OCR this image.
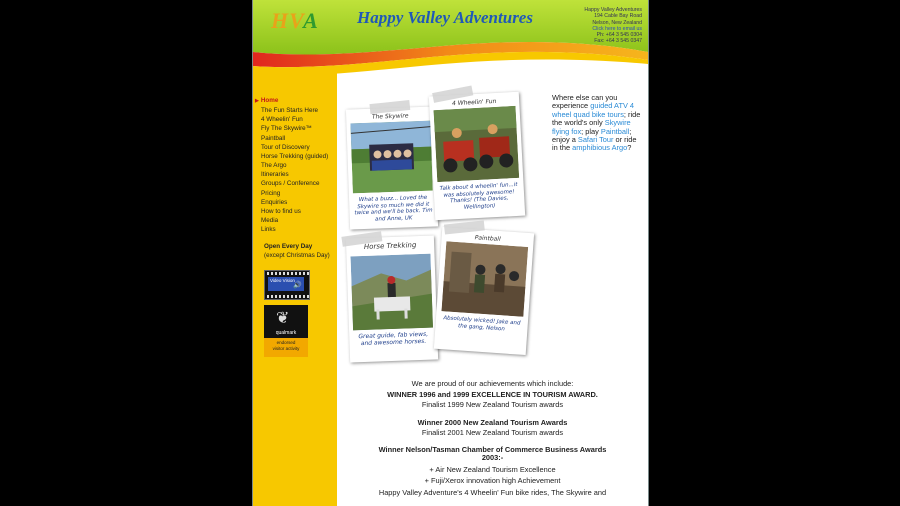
HVA Happy Valley Adventures	Happy Valley Adventures
194 Cable Bay Road
Nelson, New Zealand
Click here to email us
Ph: +64 3 545 0304
Fax: +64 3 545 0347
▶ Home
The Fun Starts Here
4 Wheelin' Fun
Fly The Skywire™
Paintball
Tour of Discovery
Horse Trekking (guided)
The Argo
Itineraries
Groups / Conference
Pricing
Enquiries
How to find us
Media
Links
Open Every Day
(except Christmas Day)
Video Vision
🔊
❦
qualmark
endorsed
visitor activity
The Skywire
What a buzz... Loved the Skywire so much we did it twice and we'll be back. Tim and Anne, UK
4 Wheelin' Fun
Talk about 4 wheelin' fun...it was absolutely awesome! Thanks! (The Davies, Wellington)
Horse Trekking
Great guide, fab views, and awesome horses.
Paintball
Absolutely wicked! Jake and the gang, Nelson
Where else can you experience guided ATV 4 wheel quad bike tours; ride the world's only Skywire flying fox; play Paintball; enjoy a Safari Tour or ride in the amphibious Argo?
We are proud of our achievements which include:
WINNER 1996 and 1999 EXCELLENCE IN TOURISM AWARD.
Finalist 1999 New Zealand Tourism awards
Winner 2000 New Zealand Tourism Awards
Finalist 2001 New Zealand Tourism awards
Winner Nelson/Tasman Chamber of Commerce Business Awards
2003:-
+ Air New Zealand Tourism Excellence
+ Fuji/Xerox innovation high Achievement
Happy Valley Adventure's 4 Wheelin' Fun bike rides, The Skywire and
